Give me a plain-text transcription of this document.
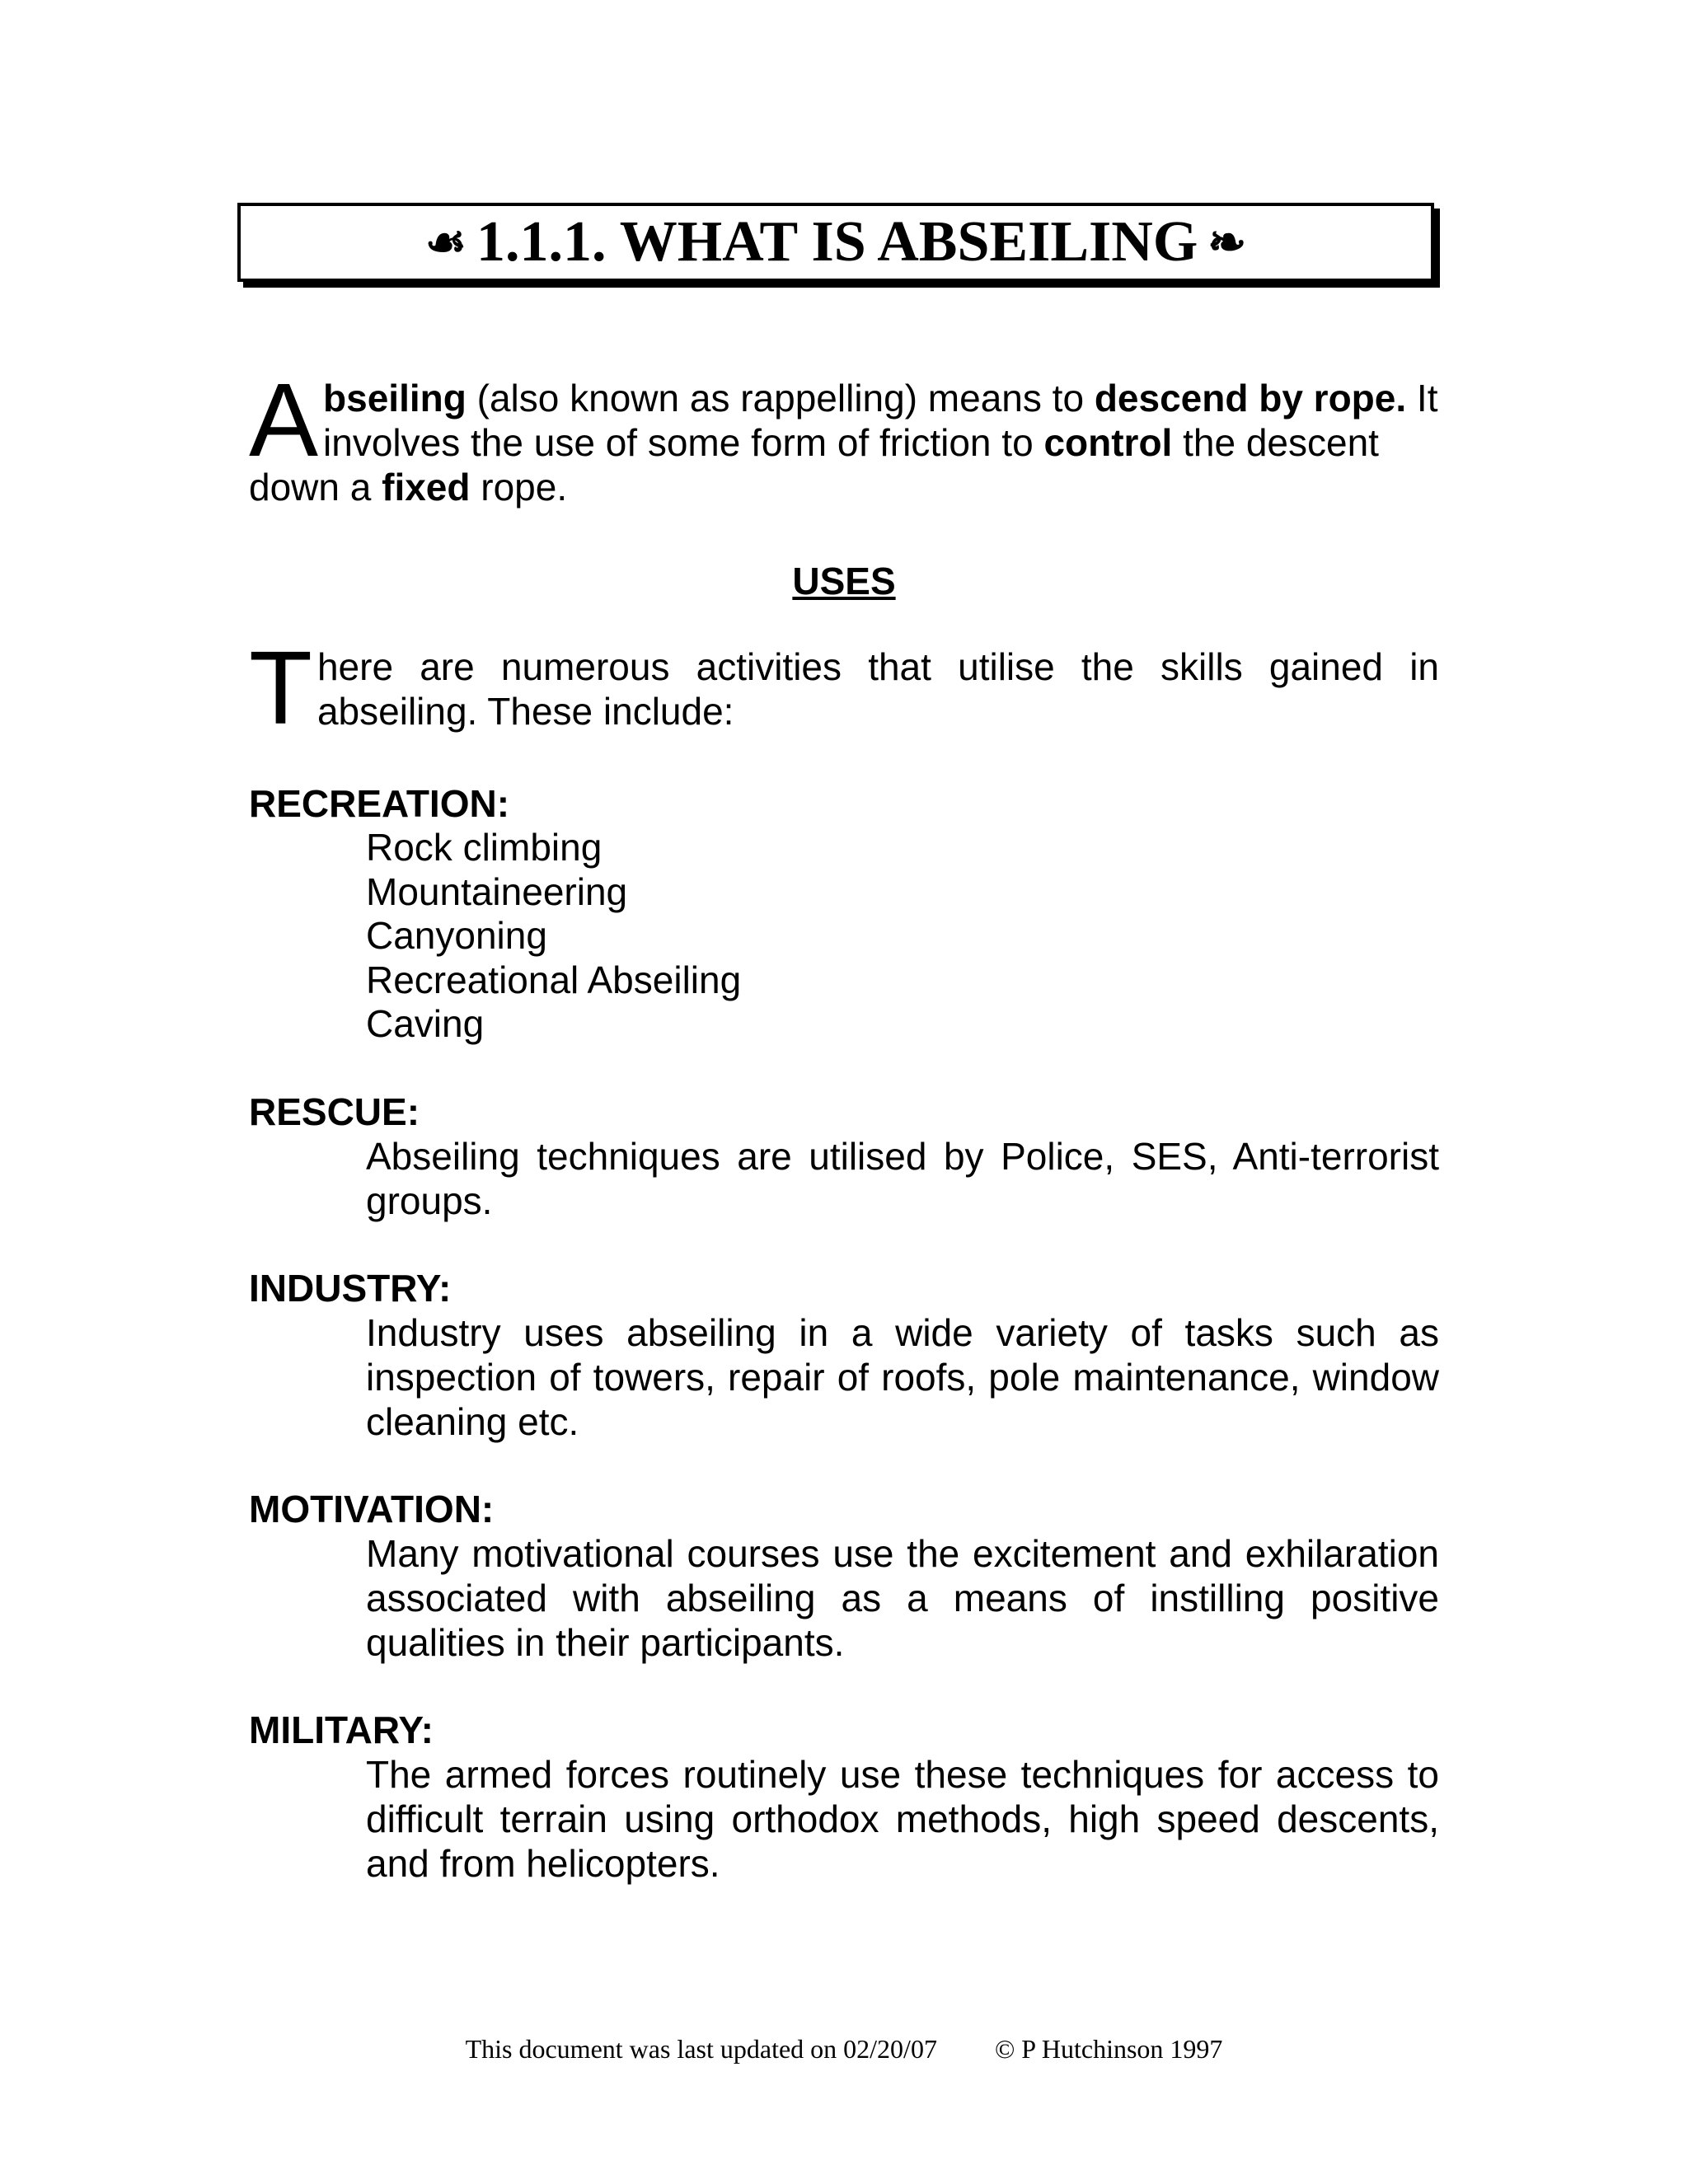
☙ 1.1.1. WHAT IS ABSEILING ❧

Abseiling (also known as rappelling) means to descend by rope. It involves the use of some form of friction to control the descent down a fixed rope.

USES

There are numerous activities that utilise the skills gained in abseiling. These include:

RECREATION:
Rock climbing
Mountaineering
Canyoning
Recreational Abseiling
Caving
RESCUE:
Abseiling techniques are utilised by Police, SES, Anti-terrorist groups.
INDUSTRY:
Industry uses abseiling in a wide variety of tasks such as inspection of towers, repair of roofs, pole maintenance, window cleaning etc.
MOTIVATION:
Many motivational courses use the excitement and exhilaration associated with abseiling as a means of instilling positive qualities in their participants.
MILITARY:
The armed forces routinely use these techniques for access to difficult terrain using orthodox methods, high speed descents, and from helicopters.
This document was last updated on 02/20/07 © P Hutchinson 1997
